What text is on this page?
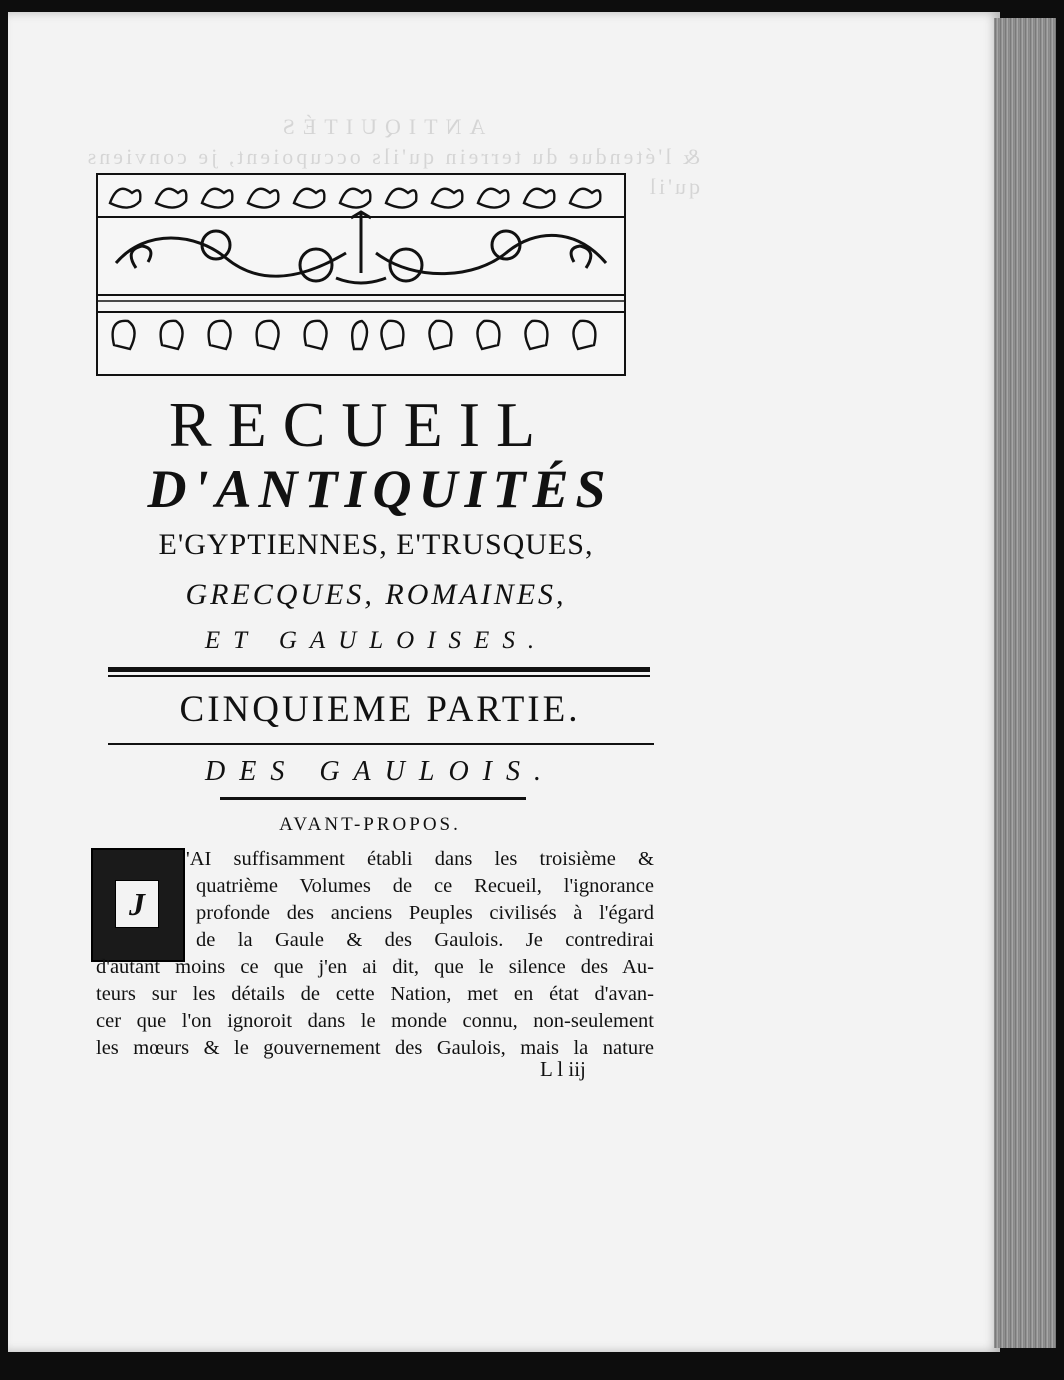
ANTIQUITÉS
& l'étendue du terrein qu'ils occupoient, je conviens qu'il
RECUEIL
D'ANTIQUITÉS
E'GYPTIENNES, E'TRUSQUES,
GRECQUES, ROMAINES,
ET GAULOISES.
CINQUIEME PARTIE.
DES GAULOIS.
AVANT-PROPOS.
J
'AI suffisamment établi dans les troisième &
quatrième Volumes de ce Recueil, l'ignorance
profonde des anciens Peuples civilisés à l'égard
de la Gaule & des Gaulois. Je contredirai
d'autant moins ce que j'en ai dit, que le silence des Au-
teurs sur les détails de cette Nation, met en état d'avan-
cer que l'on ignoroit dans le monde connu, non-seulement
les mœurs & le gouvernement des Gaulois, mais la nature
L l iij
